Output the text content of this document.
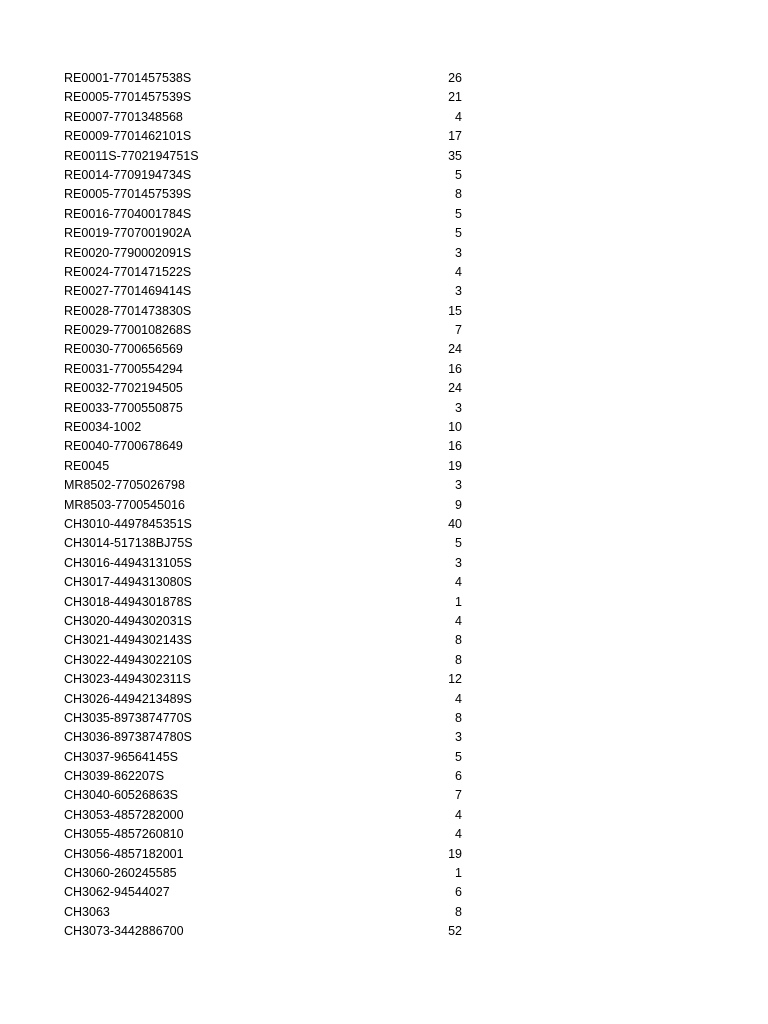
RE0001-7701457538S	26
RE0005-7701457539S	21
RE0007-7701348568	4
RE0009-7701462101S	17
RE0011S-7702194751S	35
RE0014-7709194734S	5
RE0005-7701457539S	8
RE0016-7704001784S	5
RE0019-7707001902A	5
RE0020-7790002091S	3
RE0024-7701471522S	4
RE0027-7701469414S	3
RE0028-7701473830S	15
RE0029-7700108268S	7
RE0030-7700656569	24
RE0031-7700554294	16
RE0032-7702194505	24
RE0033-7700550875	3
RE0034-1002	10
RE0040-7700678649	16
RE0045	19
MR8502-7705026798	3
MR8503-7700545016	9
CH3010-4497845351S	40
CH3014-517138BJ75S	5
CH3016-4494313105S	3
CH3017-4494313080S	4
CH3018-4494301878S	1
CH3020-4494302031S	4
CH3021-4494302143S	8
CH3022-4494302210S	8
CH3023-4494302311S	12
CH3026-4494213489S	4
CH3035-8973874770S	8
CH3036-8973874780S	3
CH3037-96564145S	5
CH3039-862207S	6
CH3040-60526863S	7
CH3053-4857282000	4
CH3055-4857260810	4
CH3056-4857182001	19
CH3060-260245585	1
CH3062-94544027	6
CH3063	8
CH3073-3442886700	52
